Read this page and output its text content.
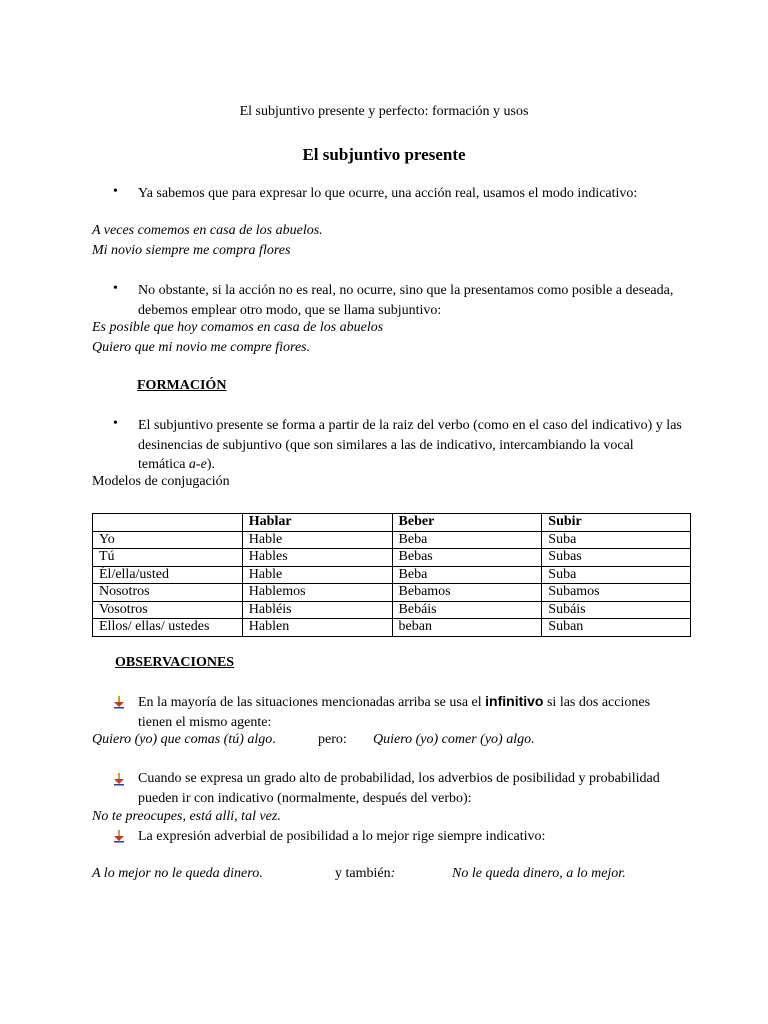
El subjuntivo presente y perfecto: formación y usos
El subjuntivo presente
• Ya sabemos que para expresar lo que ocurre, una acción real, usamos el modo indicativo:
A veces comemos en casa de los abuelos.
Mi novio siempre me compra flores
• No obstante, si la acción no es real, no ocurre, sino que la presentamos como posible a deseada, debemos emplear otro modo, que se llama subjuntivo:
Es posible que hoy comamos en casa de los abuelos
Quiero que mi novio me compre fiores.
FORMACIÓN
• El subjuntivo presente se forma a partir de la raiz del verbo (como en el caso del indicativo) y las desinencias de subjuntivo (que son similares a las de indicativo, intercambiando la vocal temática a-e).
Modelos de conjugación
	Hablar	Beber	Subir
Yo	Hable	Beba	Suba
Tú	Hables	Bebas	Subas
Él/ella/usted	Hable	Beba	Suba
Nosotros	Hablemos	Bebamos	Subamos
Vosotros	Habléis	Bebáis	Subáis
Ellos/ ellas/ ustedes	Hablen	beban	Suban
OBSERVACIONES
En la mayoría de las situaciones mencionadas arriba se usa el infinitivo si las dos acciones tienen el mismo agente:
Quiero (yo) que comas (tú) algo.	pero: Quiero (yo) comer (yo) algo.
Cuando se expresa un grado alto de probabilidad, los adverbios de posibilidad y probabilidad pueden ir con indicativo (normalmente, después del verbo):
No te preocupes, está alli, tal vez.
La expresión adverbial de posibilidad a lo mejor rige siempre indicativo:
A lo mejor no le queda dinero.	y también:	No le queda dinero, a lo mejor.
